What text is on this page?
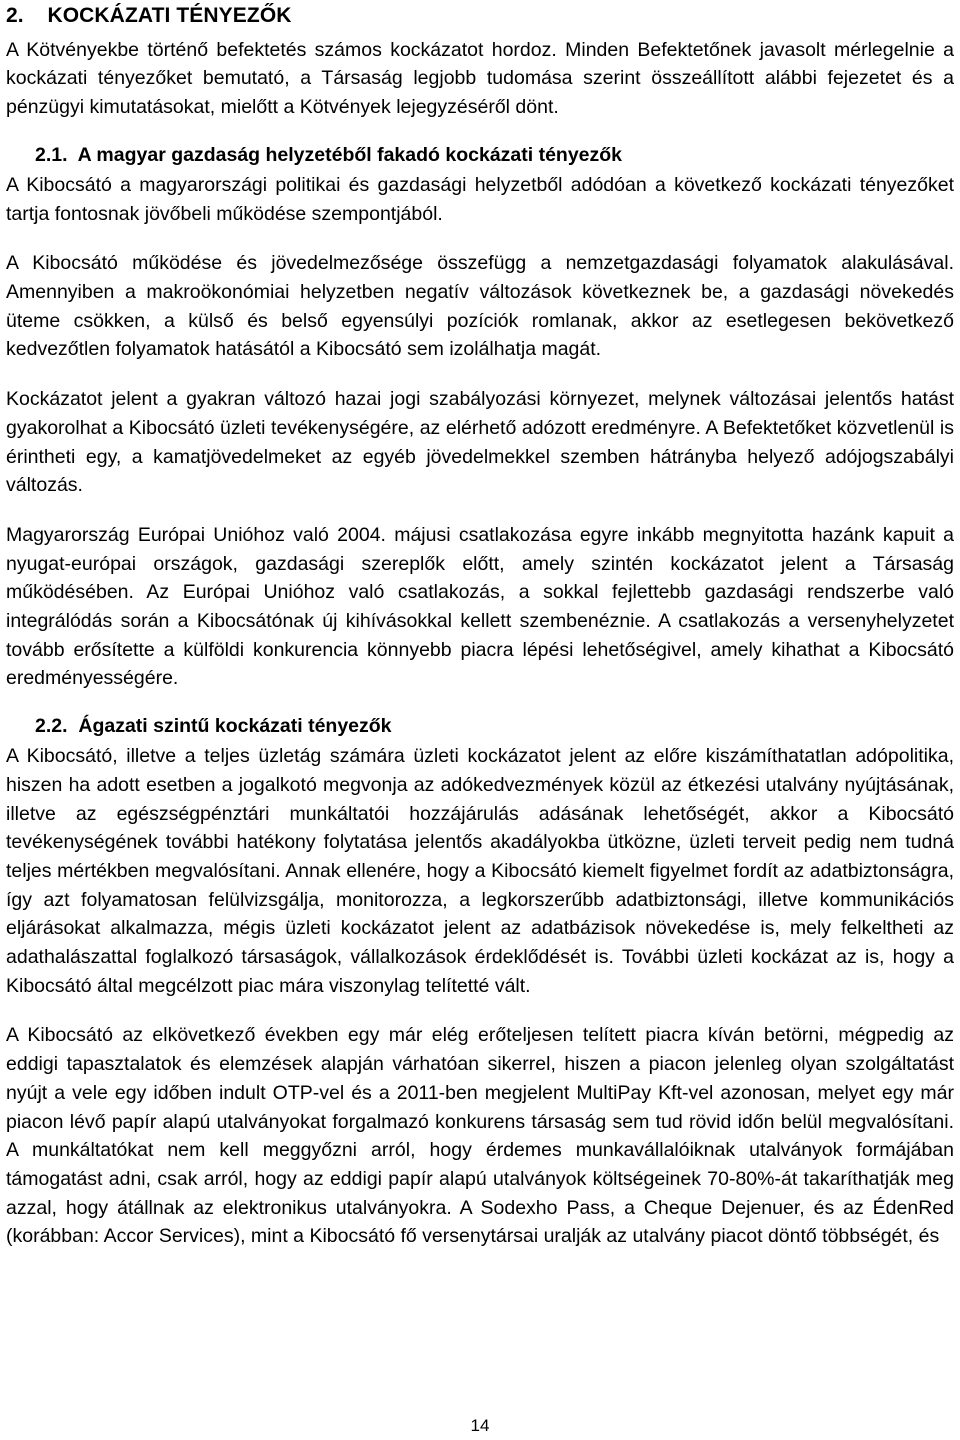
2.    KOCKÁZATI TÉNYEZŐK

A Kötvényekbe történő befektetés számos kockázatot hordoz. Minden Befektetőnek javasolt mérlegelnie a kockázati tényezőket bemutató, a Társaság legjobb tudomása szerint összeállított alábbi fejezetet és a pénzügyi kimutatásokat, mielőtt a Kötvények lejegyzéséről dönt.

2.1.  A magyar gazdaság helyzetéből fakadó kockázati tényezők

A Kibocsátó a magyarországi politikai és gazdasági helyzetből adódóan a következő kockázati tényezőket tartja fontosnak jövőbeli működése szempontjából.

A Kibocsátó működése és jövedelmezősége összefügg a nemzetgazdasági folyamatok alakulásával. Amennyiben a makroökonómiai helyzetben negatív változások következnek be, a gazdasági növekedés üteme csökken, a külső és belső egyensúlyi pozíciók romlanak, akkor az esetlegesen bekövetkező kedvezőtlen folyamatok hatásától a Kibocsátó sem izolálhatja magát.

Kockázatot jelent a gyakran változó hazai jogi szabályozási környezet, melynek változásai jelentős hatást gyakorolhat a Kibocsátó üzleti tevékenységére, az elérhető adózott eredményre. A Befektetőket közvetlenül is érintheti egy, a kamatjövedelmeket az egyéb jövedelmekkel szemben hátrányba helyező adójogszabályi változás.

Magyarország Európai Unióhoz való 2004. májusi csatlakozása egyre inkább megnyitotta hazánk kapuit a nyugat-európai országok, gazdasági szereplők előtt, amely szintén kockázatot jelent a Társaság működésében. Az Európai Unióhoz való csatlakozás, a sokkal fejlettebb gazdasági rendszerbe való integrálódás során a Kibocsátónak új kihívásokkal kellett szembenéznie. A csatlakozás a versenyhelyzetet tovább erősítette a külföldi konkurencia könnyebb piacra lépési lehetőségivel, amely kihathat a Kibocsátó eredményességére.

2.2.  Ágazati szintű kockázati tényezők

A Kibocsátó, illetve a teljes üzletág számára üzleti kockázatot jelent az előre kiszámíthatatlan adópolitika, hiszen ha adott esetben a jogalkotó megvonja az adókedvezmények közül az étkezési utalvány nyújtásának, illetve az egészségpénztári munkáltatói hozzájárulás adásának lehetőségét, akkor a Kibocsátó tevékenységének további hatékony folytatása jelentős akadályokba ütközne, üzleti terveit pedig nem tudná teljes mértékben megvalósítani. Annak ellenére, hogy a Kibocsátó kiemelt figyelmet fordít az adatbiztonságra, így azt folyamatosan felülvizsgálja, monitorozza, a legkorszerűbb adatbiztonsági, illetve kommunikációs eljárásokat alkalmazza, mégis üzleti kockázatot jelent az adatbázisok növekedése is, mely felkeltheti az adathalászattal foglalkozó társaságok, vállalkozások érdeklődését is. További üzleti kockázat az is, hogy a Kibocsátó által megcélzott piac mára viszonylag telítetté vált.

A Kibocsátó az elkövetkező években egy már elég erőteljesen telített piacra kíván betörni, mégpedig az eddigi tapasztalatok és elemzések alapján várhatóan sikerrel, hiszen a piacon jelenleg olyan szolgáltatást nyújt a vele egy időben indult OTP-vel és a 2011-ben megjelent MultiPay Kft-vel azonosan, melyet egy már piacon lévő papír alapú utalványokat forgalmazó konkurens társaság sem tud rövid időn belül megvalósítani. A munkáltatókat nem kell meggyőzni arról, hogy érdemes munkavállalóiknak utalványok formájában támogatást adni, csak arról, hogy az eddigi papír alapú utalványok költségeinek 70-80%-át takaríthatják meg azzal, hogy átállnak az elektronikus utalványokra. A Sodexho Pass, a Cheque Dejenuer, és az ÉdenRed (korábban: Accor Services), mint a Kibocsátó fő versenytársai uralják az utalvány piacot döntő többségét, és

14
